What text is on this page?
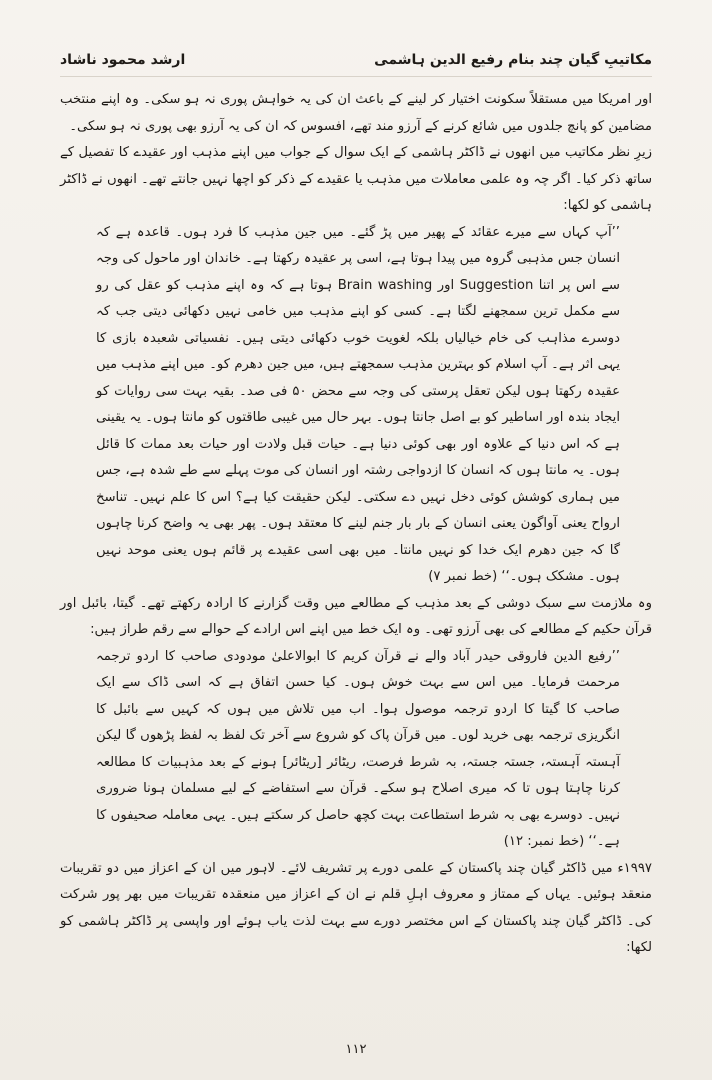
ارشد محمود ناشاد	مکاتیبِ گیان چند بنام رفیع الدین ہاشمی

اور امریکا میں مستقلاً سکونت اختیار کر لینے کے باعث ان کی یہ خواہش پوری نہ ہو سکی۔ وہ اپنے منتخب مضامین کو پانچ جلدوں میں شائع کرنے کے آرزو مند تھے، افسوس کہ ان کی یہ آرزو بھی پوری نہ ہو سکی۔

زیرِ نظر مکاتیب میں انھوں نے ڈاکٹر ہاشمی کے ایک سوال کے جواب میں اپنے مذہب اور عقیدے کا تفصیل کے ساتھ ذکر کیا۔ اگر چہ وہ علمی معاملات میں مذہب یا عقیدے کے ذکر کو اچھا نہیں جانتے تھے۔ انھوں نے ڈاکٹر ہاشمی کو لکھا:

’’آپ کہاں سے میرے عقائد کے پھیر میں پڑ گئے۔ میں جین مذہب کا فرد ہوں۔ قاعدہ ہے کہ انسان جس مذہبی گروہ میں پیدا ہوتا ہے، اسی پر عقیدہ رکھتا ہے۔ خاندان اور ماحول کی وجہ سے اس پر اتنا Suggestion اور Brain washing ہوتا ہے کہ وہ اپنے مذہب کو عقل کی رو سے مکمل ترین سمجھنے لگتا ہے۔ کسی کو اپنے مذہب میں خامی نہیں دکھائی دیتی جب کہ دوسرے مذاہب کی خام خیالیاں بلکہ لغویت خوب دکھائی دیتی ہیں۔ نفسیاتی شعبدہ بازی کا یہی اثر ہے۔ آپ اسلام کو بہترین مذہب سمجھتے ہیں، میں جین دھرم کو۔ میں اپنے مذہب میں عقیدہ رکھتا ہوں لیکن تعقل پرستی کی وجہ سے محض ۵۰ فی صد۔ بقیہ بہت سی روایات کو ایجاد بندہ اور اساطیر کو بے اصل جانتا ہوں۔ بہر حال میں غیبی طاقتوں کو مانتا ہوں۔ یہ یقینی ہے کہ اس دنیا کے علاوہ اور بھی کوئی دنیا ہے۔ حیات قبل ولادت اور حیات بعد ممات کا قائل ہوں۔ یہ مانتا ہوں کہ انسان کا ازدواجی رشتہ اور انسان کی موت پہلے سے طے شدہ ہے، جس میں ہماری کوشش کوئی دخل نہیں دے سکتی۔ لیکن حقیقت کیا ہے؟ اس کا علم نہیں۔ تناسخ ارواح یعنی آواگون یعنی انسان کے بار بار جنم لینے کا معتقد ہوں۔ پھر بھی یہ واضح کرنا چاہوں گا کہ جین دھرم ایک خدا کو نہیں مانتا۔ میں بھی اسی عقیدے پر قائم ہوں یعنی موحد نہیں ہوں۔ مشکک ہوں۔‘‘ (خط نمبر ۷)

وہ ملازمت سے سبک دوشی کے بعد مذہب کے مطالعے میں وقت گزارنے کا ارادہ رکھتے تھے۔ گیتا، بائبل اور قرآن حکیم کے مطالعے کی بھی آرزو تھی۔ وہ ایک خط میں اپنے اس ارادے کے حوالے سے رقم طراز ہیں:

’’رفیع الدین فاروقی حیدر آباد والے نے قرآن کریم کا ابوالاعلیٰ مودودی صاحب کا اردو ترجمہ مرحمت فرمایا۔ میں اس سے بہت خوش ہوں۔ کیا حسن اتفاق ہے کہ اسی ڈاک سے ایک صاحب کا گیتا کا اردو ترجمہ موصول ہوا۔ اب میں تلاش میں ہوں کہ کہیں سے بائبل کا انگریزی ترجمہ بھی خرید لوں۔ میں قرآن پاک کو شروع سے آخر تک لفظ بہ لفظ پڑھوں گا لیکن آہستہ آہستہ، جستہ جستہ، بہ شرط فرصت، ریٹائر [ریٹائر] ہونے کے بعد مذہبیات کا مطالعہ کرنا چاہتا ہوں تا کہ میری اصلاح ہو سکے۔ قرآن سے استفاضے کے لیے مسلمان ہونا ضروری نہیں۔ دوسرے بھی بہ شرط استطاعت بہت کچھ حاصل کر سکتے ہیں۔ یہی معاملہ صحیفوں کا ہے۔‘‘ (خط نمبر: ۱۲)

۱۹۹۷ء میں ڈاکٹر گیان چند پاکستان کے علمی دورے پر تشریف لائے۔ لاہور میں ان کے اعزاز میں دو تقریبات منعقد ہوئیں۔ یہاں کے ممتاز و معروف اہلِ قلم نے ان کے اعزاز میں منعقدہ تقریبات میں بھر پور شرکت کی۔ ڈاکٹر گیان چند پاکستان کے اس مختصر دورے سے بہت لذت یاب ہوئے اور واپسی پر ڈاکٹر ہاشمی کو لکھا:

۱۱۲
